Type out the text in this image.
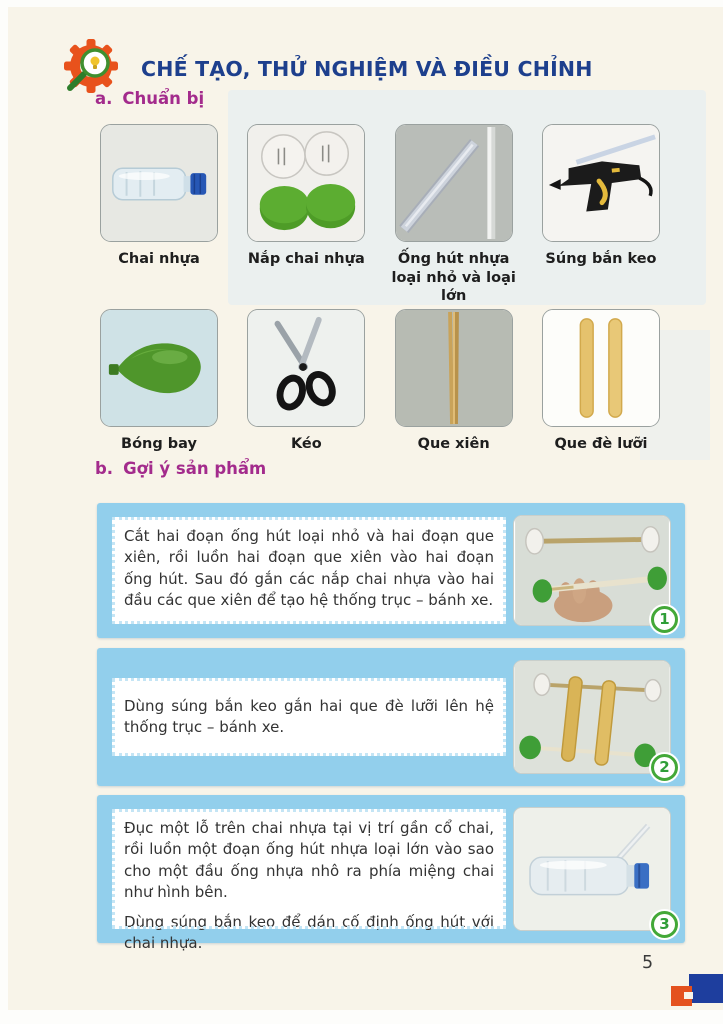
CHẾ TẠO, THỬ NGHIỆM VÀ ĐIỀU CHỈNH
a. Chuẩn bị
Chai nhựa	Nắp chai nhựa	Ống hút nhựa loại nhỏ và loại lớn
Súng bắn keo
Bóng bay	Kéo	Que xiên	Que đè lưỡi
b. Gợi ý sản phẩm

Cắt hai đoạn ống hút loại nhỏ và hai đoạn que xiên, rồi luồn hai đoạn que xiên vào hai đoạn ống hút. Sau đó gắn các nắp chai nhựa vào hai đầu các que xiên để tạo hệ thống trục – bánh xe.

1

Dùng súng bắn keo gắn hai que đè lưỡi lên hệ thống trục – bánh xe.

2

Đục một lỗ trên chai nhựa tại vị trí gần cổ chai, rồi luồn một đoạn ống hút nhựa loại lớn vào sao cho một đầu ống nhựa nhô ra phía miệng chai như hình bên.

Dùng súng bắn keo để dán cố định ống hút với chai nhựa.

3
5
